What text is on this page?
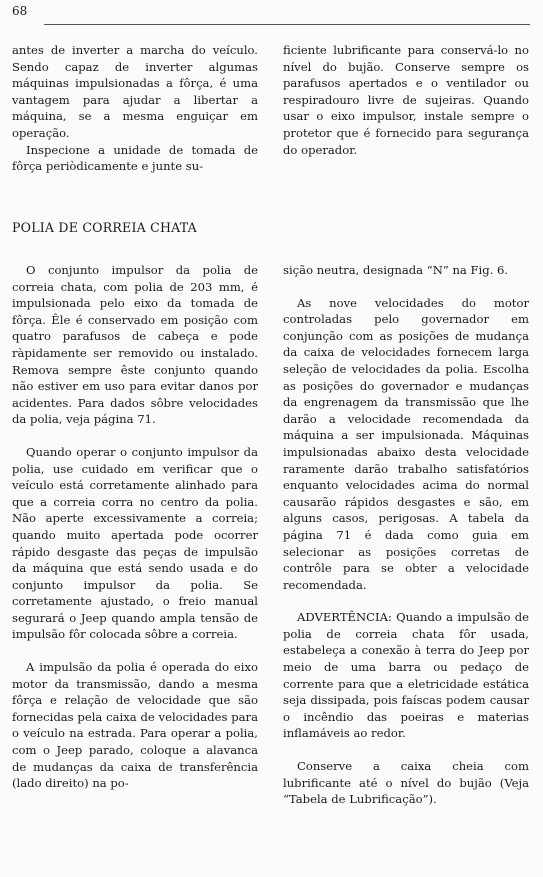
68

antes de inverter a marcha do veículo. Sendo capaz de inverter algumas máquinas impulsionadas a fôrça, é uma vantagem para ajudar a libertar a máquina, se a mesma enguiçar em operação.

Inspecione a unidade de tomada de fôrça periòdicamente e junte su-

ficiente lubrificante para conservá-lo no nível do bujão. Conserve sempre os parafusos apertados e o ventilador ou respiradouro livre de sujeiras. Quando usar o eixo impulsor, instale sempre o protetor que é fornecido para segurança do operador.

POLIA DE CORREIA CHATA

O conjunto impulsor da polia de correia chata, com polia de 203 mm, é impulsionada pelo eixo da tomada de fôrça. Êle é conservado em posição com quatro parafusos de cabeça e pode ràpidamente ser removido ou instalado. Remova sempre êste conjunto quando não estiver em uso para evitar danos por acidentes. Para dados sôbre velocidades da polia, veja página 71.

Quando operar o conjunto impulsor da polia, use cuidado em verificar que o veículo está corretamente alinhado para que a correia corra no centro da polia. Não aperte excessivamente a correia; quando muito apertada pode ocorrer rápido desgaste das peças de impulsão da máquina que está sendo usada e do conjunto impulsor da polia. Se corretamente ajustado, o freio manual segurará o Jeep quando ampla tensão de impulsão fôr colocada sôbre a correia.

A impulsão da polia é operada do eixo motor da transmissão, dando a mesma fôrça e relação de velocidade que são fornecidas pela caixa de velocidades para o veículo na estrada. Para operar a polia, com o Jeep parado, coloque a alavanca de mudanças da caixa de transferência (lado direito) na po-

sição neutra, designada “N” na Fig. 6.

As nove velocidades do motor controladas pelo governador em conjunção com as posições de mudança da caixa de velocidades fornecem larga seleção de velocidades da polia. Escolha as posições do governador e mudanças da engrenagem da transmissão que lhe darão a velocidade recomendada da máquina a ser impulsionada. Máquinas impulsionadas abaixo desta velocidade raramente darão trabalho satisfatórios enquanto velocidades acima do normal causarão rápidos desgastes e são, em alguns casos, perigosas. A tabela da página 71 é dada como guia em selecionar as posições corretas de contrôle para se obter a velocidade recomendada.

ADVERTÊNCIA: Quando a impulsão de polia de correia chata fôr usada, estabeleça a conexão à terra do Jeep por meio de uma barra ou pedaço de corrente para que a eletricidade estática seja dissipada, pois faíscas podem causar o incêndio das poeiras e materias inflamáveis ao redor.

Conserve a caixa cheia com lubrificante até o nível do bujão (Veja “Tabela de Lubrificação”).
